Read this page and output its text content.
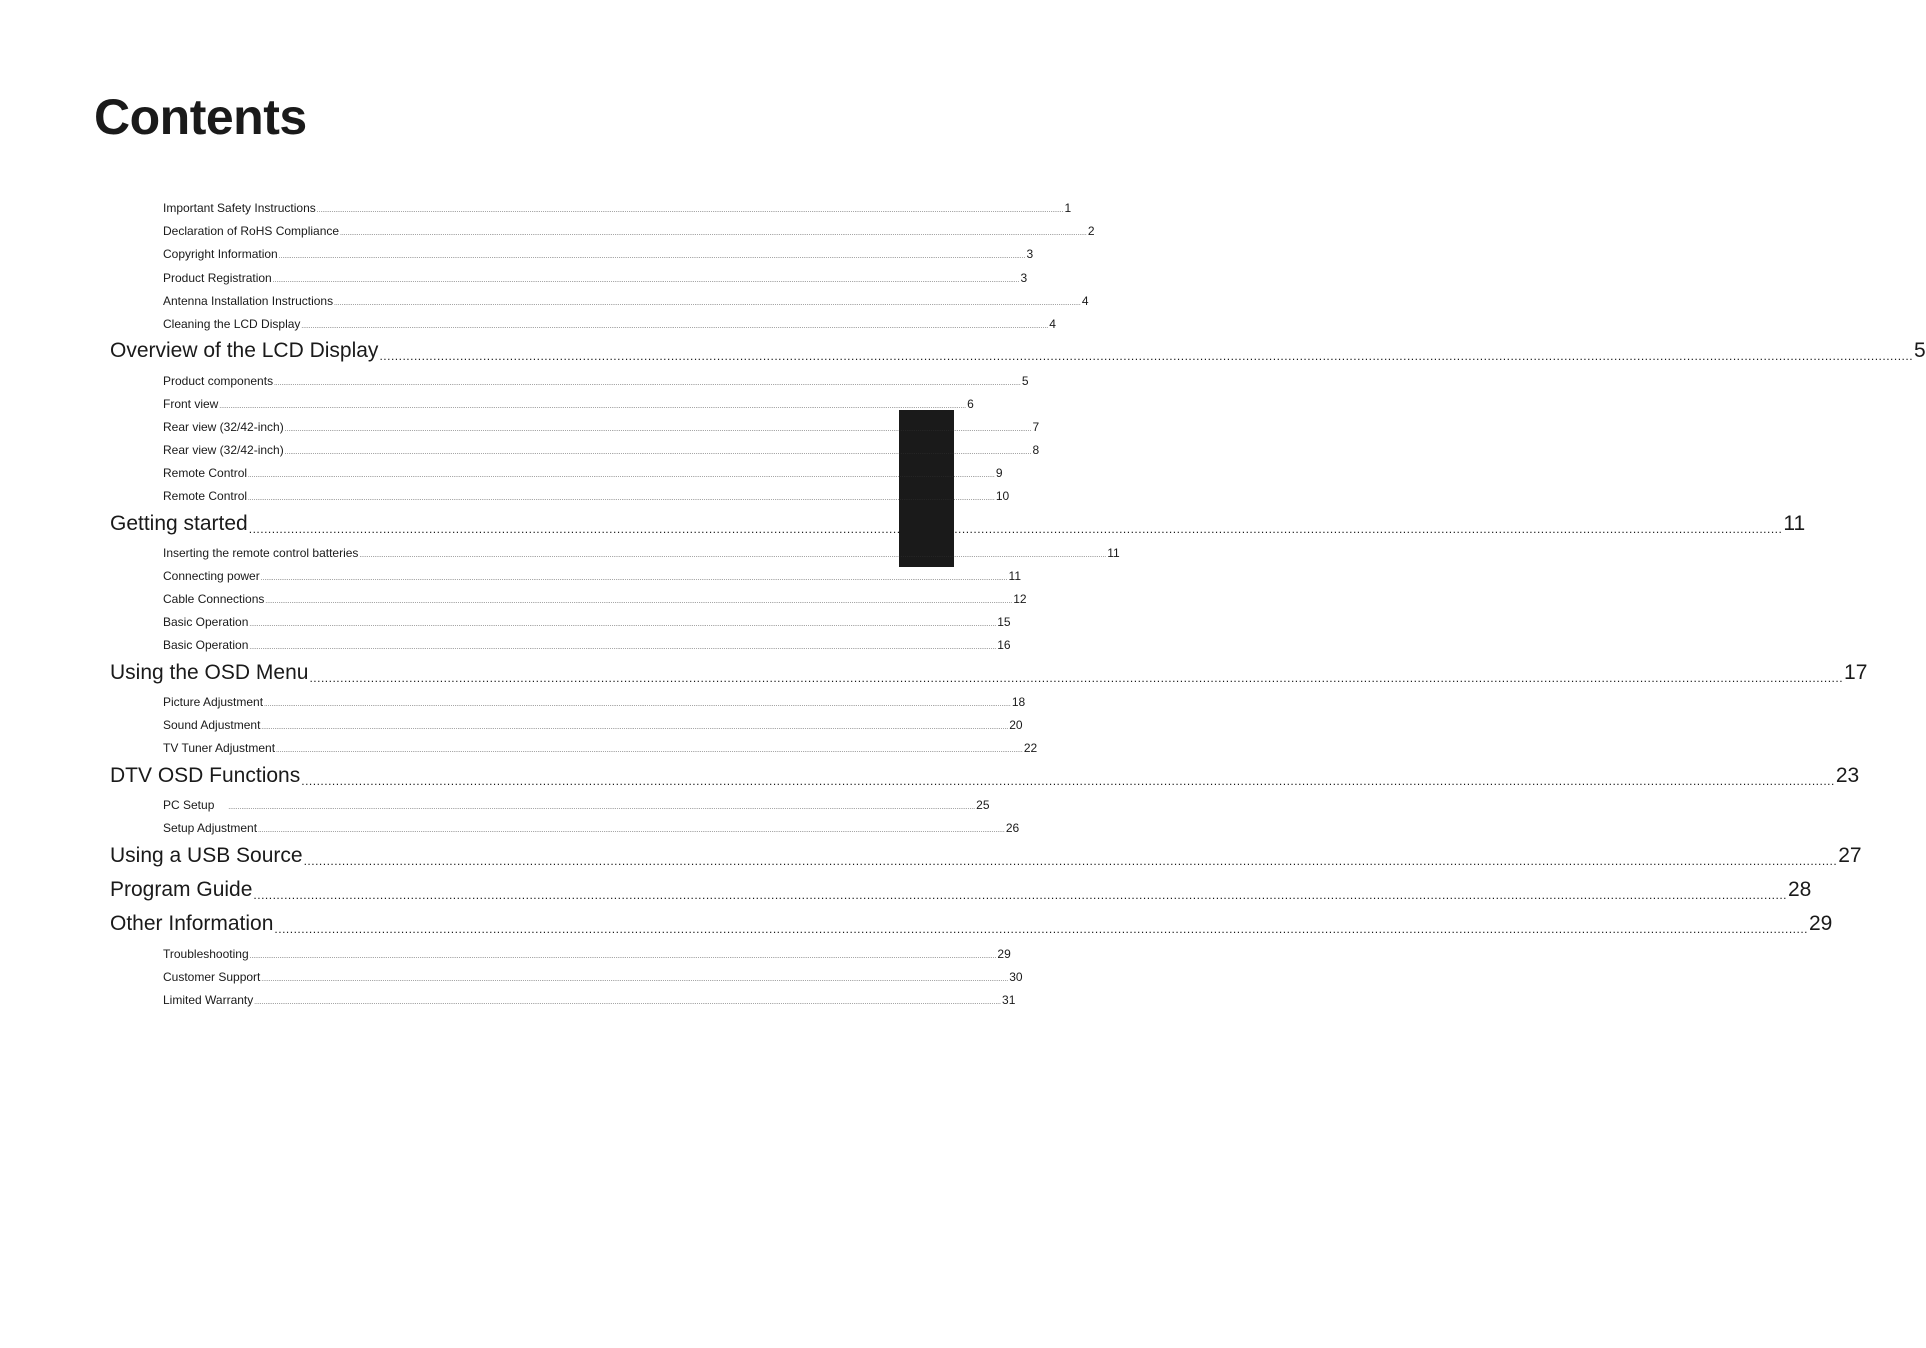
Contents
Important Safety Instructions ................................................................................................................................................................................................................................................................................................................................................................................................................ 1
Declaration of RoHS Compliance ................................................................................................................................................................................................................................................................................................................................................................................................................ 2
Copyright Information ................................................................................................................................................................................................................................................................................................................................................................................................................ 3
Product Registration ................................................................................................................................................................................................................................................................................................................................................................................................................ 3
Antenna Installation Instructions ................................................................................................................................................................................................................................................................................................................................................................................................................ 4
Cleaning the LCD Display ................................................................................................................................................................................................................................................................................................................................................................................................................ 4
Overview of the LCD Display ................................................................................................................................................................................................................................................................................................................................................................................................................ 5
Product components ................................................................................................................................................................................................................................................................................................................................................................................................................ 5
Front view ................................................................................................................................................................................................................................................................................................................................................................................................................ 6
Rear view (32/42-inch) ................................................................................................................................................................................................................................................................................................................................................................................................................ 7
Rear view (32/42-inch) ................................................................................................................................................................................................................................................................................................................................................................................................................ 8
Remote Control ................................................................................................................................................................................................................................................................................................................................................................................................................ 9
Remote Control ................................................................................................................................................................................................................................................................................................................................................................................................................ 10
Getting started ................................................................................................................................................................................................................................................................................................................................................................................................................ 11
Inserting the remote control batteries ................................................................................................................................................................................................................................................................................................................................................................................................................ 11
Connecting power ................................................................................................................................................................................................................................................................................................................................................................................................................ 11
Cable Connections ................................................................................................................................................................................................................................................................................................................................................................................................................ 12
Basic Operation ................................................................................................................................................................................................................................................................................................................................................................................................................ 15
Basic Operation ................................................................................................................................................................................................................................................................................................................................................................................................................ 16
Using the OSD Menu ................................................................................................................................................................................................................................................................................................................................................................................................................ 17
Picture Adjustment ................................................................................................................................................................................................................................................................................................................................................................................................................ 18
Sound Adjustment ................................................................................................................................................................................................................................................................................................................................................................................................................ 20
TV Tuner Adjustment ................................................................................................................................................................................................................................................................................................................................................................................................................ 22
DTV OSD Functions ................................................................................................................................................................................................................................................................................................................................................................................................................ 23
PC Setup ................................................................................................................................................................................................................................................................................................................................................................................................................ 25
Setup Adjustment ................................................................................................................................................................................................................................................................................................................................................................................................................ 26
Using a USB Source ................................................................................................................................................................................................................................................................................................................................................................................................................ 27
Program Guide ................................................................................................................................................................................................................................................................................................................................................................................................................ 28
Other Information ................................................................................................................................................................................................................................................................................................................................................................................................................ 29
Troubleshooting ................................................................................................................................................................................................................................................................................................................................................................................................................ 29
Customer Support ................................................................................................................................................................................................................................................................................................................................................................................................................ 30
Limited Warranty ................................................................................................................................................................................................................................................................................................................................................................................................................ 31
